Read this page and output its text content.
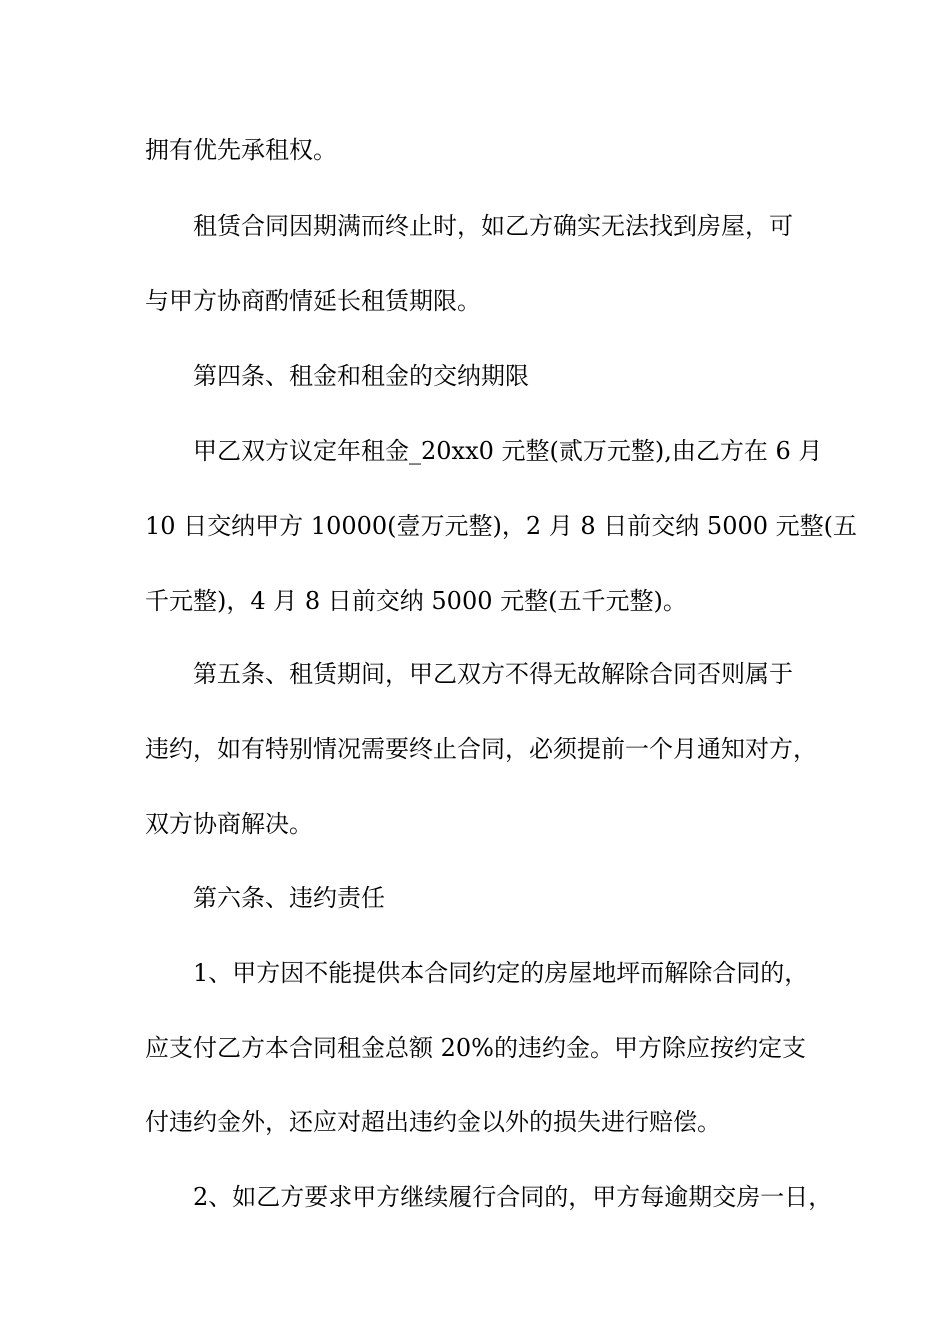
拥有优先承租权。
租赁合同因期满而终止时，如乙方确实无法找到房屋，可
与甲方协商酌情延长租赁期限。
第四条、租金和租金的交纳期限
甲乙双方议定年租金_20xx0 元整(贰万元整),由乙方在 6 月
10 日交纳甲方 10000(壹万元整)，2 月 8 日前交纳 5000 元整(五
千元整)，4 月 8 日前交纳 5000 元整(五千元整)。
第五条、租赁期间，甲乙双方不得无故解除合同否则属于
违约，如有特别情况需要终止合同，必须提前一个月通知对方，
双方协商解决。
第六条、违约责任
1、甲方因不能提供本合同约定的房屋地坪而解除合同的，
应支付乙方本合同租金总额 20%的违约金。甲方除应按约定支
付违约金外，还应对超出违约金以外的损失进行赔偿。
2、如乙方要求甲方继续履行合同的，甲方每逾期交房一日，
